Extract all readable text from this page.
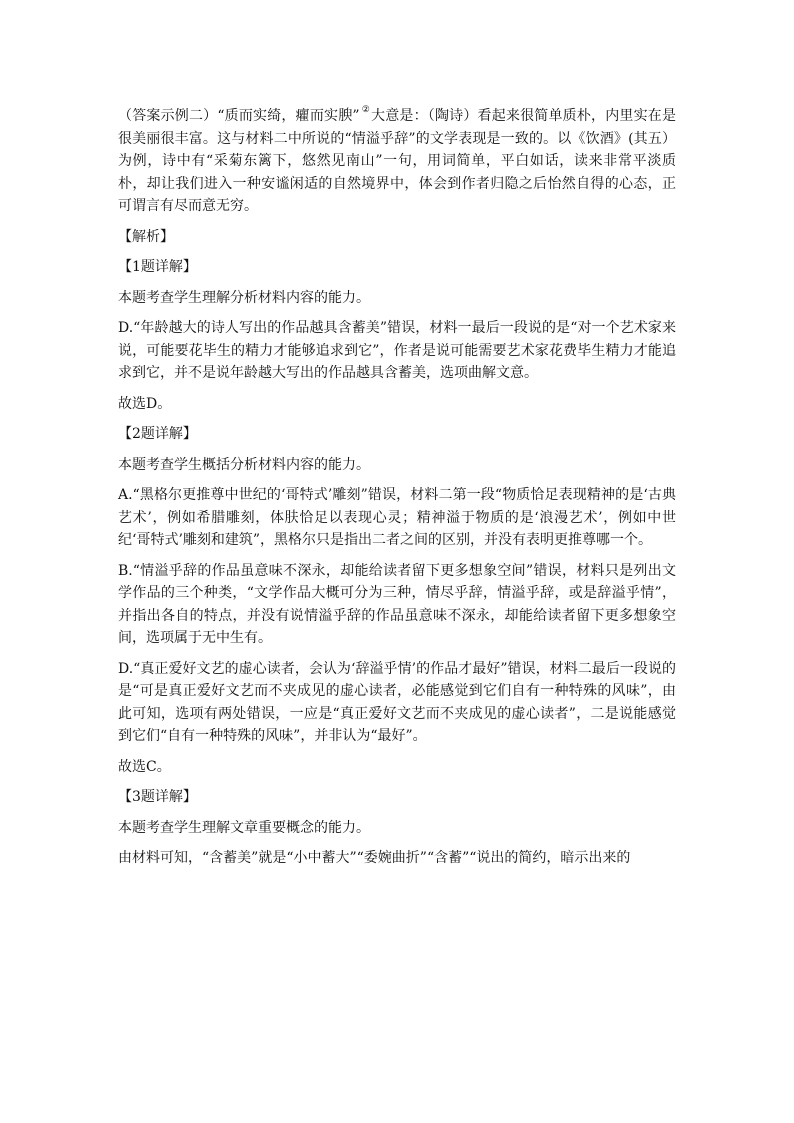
（答案示例二）“质而实绮，癯而实腴” ②大意是：（陶诗）看起来很简单质朴，内里实在是很美丽很丰富。这与材料二中所说的“情溢乎辞”的文学表现是一致的。以《饮酒》(其五）为例，诗中有“采菊东篱下，悠然见南山”一句，用词简单，平白如话，读来非常平淡质朴，却让我们进入一种安谧闲适的自然境界中，体会到作者归隐之后怡然自得的心态，正可谓言有尽而意无穷。

【解析】

【1题详解】

本题考查学生理解分析材料内容的能力。

D.“年龄越大的诗人写出的作品越具含蓄美”错误，材料一最后一段说的是“对一个艺术家来说，可能要花毕生的精力才能够追求到它”，作者是说可能需要艺术家花费毕生精力才能追求到它，并不是说年龄越大写出的作品越具含蓄美，选项曲解文意。

故选D。

【2题详解】

本题考查学生概括分析材料内容的能力。

A.“黑格尔更推尊中世纪的‘哥特式’雕刻”错误，材料二第一段“物质恰足表现精神的是‘古典艺术’，例如希腊雕刻，体肤恰足以表现心灵；精神溢于物质的是‘浪漫艺术’，例如中世纪‘哥特式’雕刻和建筑”，黑格尔只是指出二者之间的区别，并没有表明更推尊哪一个。

B.“情溢乎辞的作品虽意味不深永，却能给读者留下更多想象空间”错误，材料只是列出文学作品的三个种类，“文学作品大概可分为三种，情尽乎辞，情溢乎辞，或是辞溢乎情”，并指出各自的特点，并没有说情溢乎辞的作品虽意味不深永，却能给读者留下更多想象空间，选项属于无中生有。

D.“真正爱好文艺的虚心读者，会认为‘辞溢乎情’的作品才最好”错误，材料二最后一段说的是“可是真正爱好文艺而不夹成见的虚心读者，必能感觉到它们自有一种特殊的风味”，由此可知，选项有两处错误，一应是“真正爱好文艺而不夹成见的虚心读者”，二是说能感觉到它们“自有一种特殊的风味”，并非认为“最好”。

故选C。

【3题详解】

本题考查学生理解文章重要概念的能力。

由材料可知，“含蓄美”就是“小中蓄大”“委婉曲折”“含蓄”“说出的简约，暗示出来的
